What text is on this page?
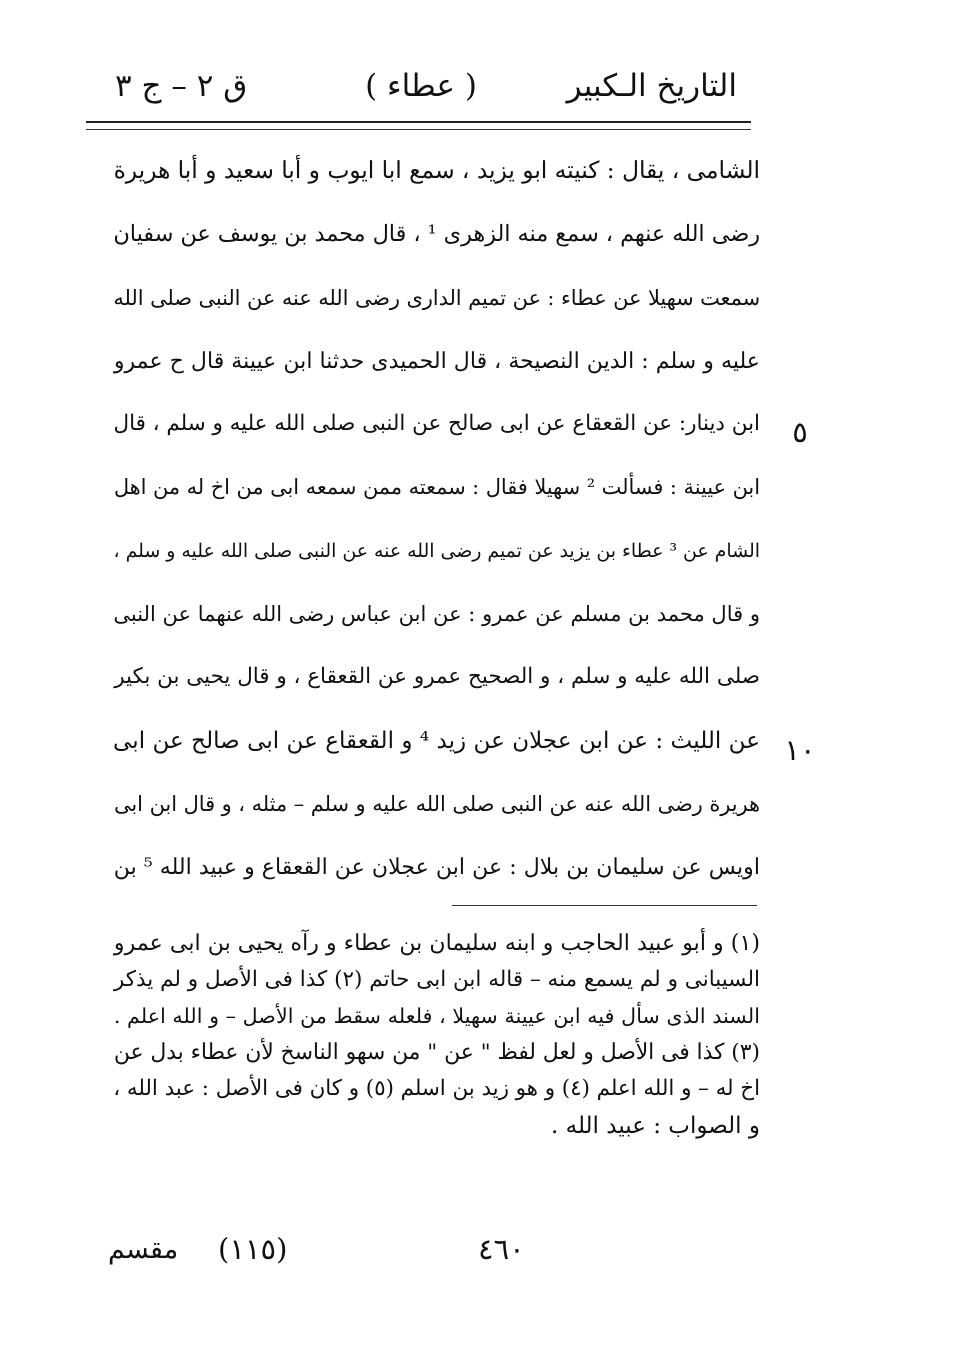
التاريخ الـكبير
( عطاء )
ق ٢ – ج ٣
الشامى ، يقال : كنيته ابو يزيد ، سمع ابا ايوب و أبا سعيد و أبا هريرة
رضى الله عنهم ، سمع منه الزهرى ¹ ، قال محمد بن يوسف عن سفيان
سمعت سهيلا عن عطاء : عن تميم الدارى رضى الله عنه عن النبى صلى الله
عليه و سلم : الدين النصيحة ، قال الحميدى حدثنا ابن عيينة قال ح عمرو
ابن دينار: عن القعقاع عن ابى صالح عن النبى صلى الله عليه و سلم ، قال
ابن عيينة : فسألت ² سهيلا فقال : سمعته ممن سمعه ابى من اخ له من اهل
الشام عن ³ عطاء بن يزيد عن تميم رضى الله عنه عن النبى صلى الله عليه و سلم ،
و قال محمد بن مسلم عن عمرو : عن ابن عباس رضى الله عنهما عن النبى
صلى الله عليه و سلم ، و الصحيح عمرو عن القعقاع ، و قال يحيى بن بكير
عن الليث : عن ابن عجلان عن زيد ⁴ و القعقاع عن ابى صالح عن ابى
هريرة رضى الله عنه عن النبى صلى الله عليه و سلم – مثله ، و قال ابن ابى
اويس عن سليمان بن بلال : عن ابن عجلان عن القعقاع و عبيد الله ⁵ بن
٥
١٠
(١) و أبو عبيد الحاجب و ابنه سليمان بن عطاء و رآه يحيى بن ابى عمرو
السيبانى و لم يسمع منه – قاله ابن ابى حاتم (٢) كذا فى الأصل و لم يذكر
السند الذى سأل فيه ابن عيينة سهيلا ، فلعله سقط من الأصل – و الله اعلم .
(٣) كذا فى الأصل و لعل لفظ " عن " من سهو الناسخ لأن عطاء بدل عن
اخ له – و الله اعلم (٤) و هو زيد بن اسلم (٥) و كان فى الأصل : عبد الله ،
و الصواب : عبيد الله .
٤٦٠
(١١٥)
مقسم
